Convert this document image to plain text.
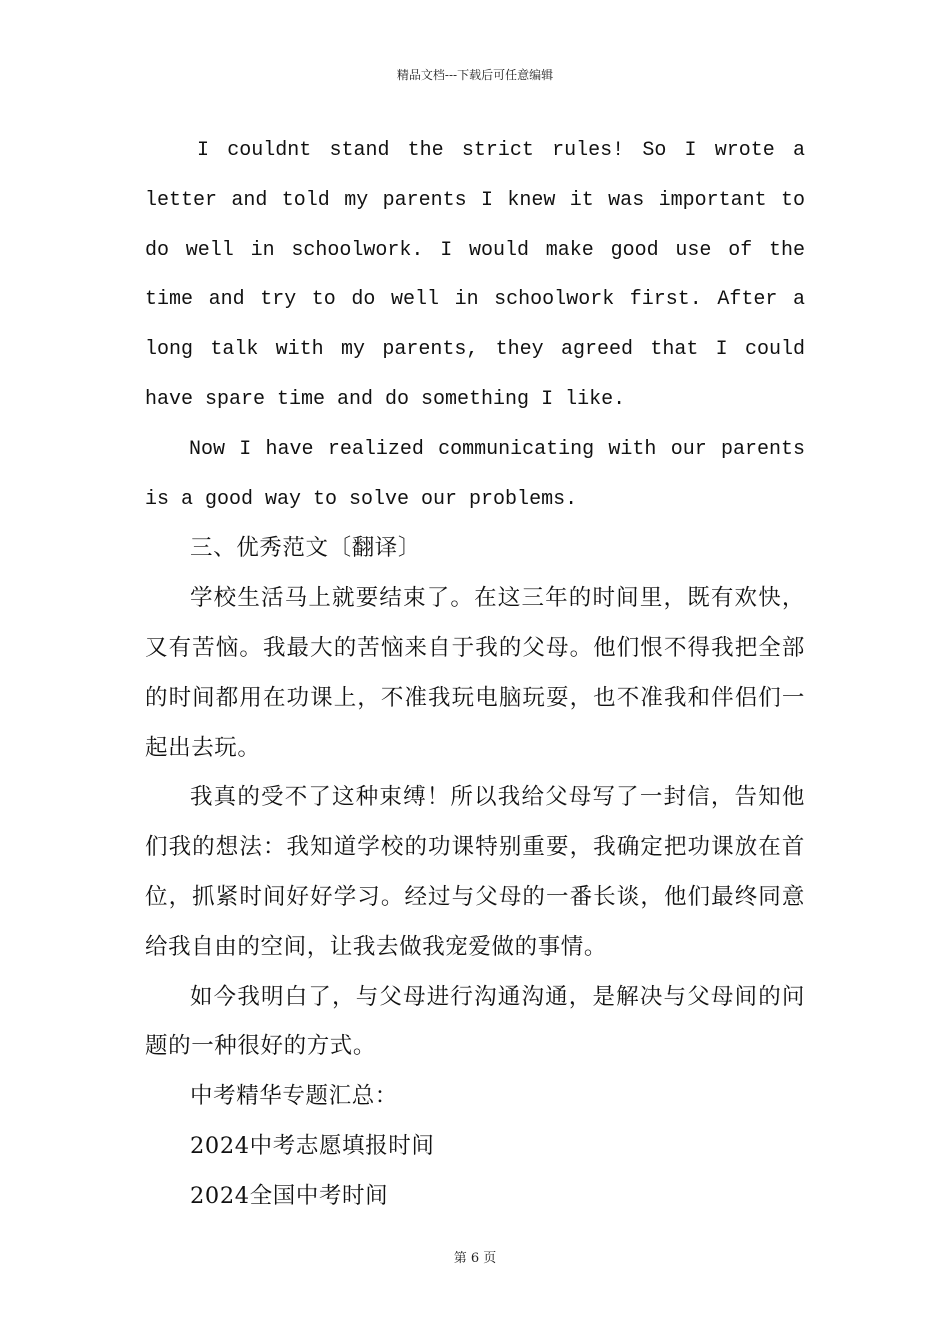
精品文档---下载后可任意编辑

I couldnt stand the strict rules! So I wrote a letter and told my parents I knew it was important to do well in schoolwork. I would make good use of the time and try to do well in schoolwork first. After a long talk with my parents, they agreed that I could have spare time and do something I like.

Now I have realized communicating with our parents is a good way to solve our problems.

三、优秀范文〔翻译〕

学校生活马上就要结束了。在这三年的时间里，既有欢快，又有苦恼。我最大的苦恼来自于我的父母。他们恨不得我把全部的时间都用在功课上，不准我玩电脑玩耍，也不准我和伴侣们一起出去玩。

我真的受不了这种束缚！所以我给父母写了一封信，告知他们我的想法：我知道学校的功课特别重要，我确定把功课放在首位，抓紧时间好好学习。经过与父母的一番长谈，他们最终同意给我自由的空间，让我去做我宠爱做的事情。

如今我明白了，与父母进行沟通沟通，是解决与父母间的问题的一种很好的方式。

中考精华专题汇总：

2024中考志愿填报时间

2024全国中考时间

第 6 页
